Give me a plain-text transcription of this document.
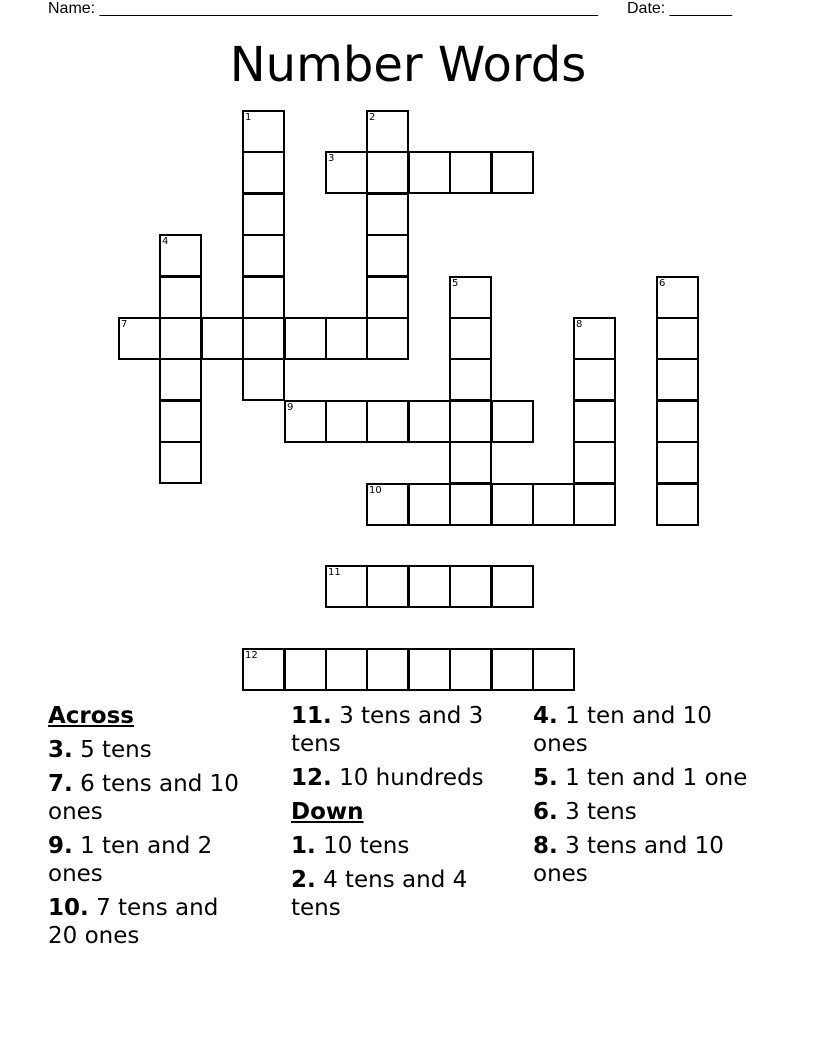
Name: ________________________________________________________ Date: _______
Number Words
1	2
3
4
5	6
7	8
9
10
11
12
Across
3. 5 tens
7. 6 tens and 10 ones
9. 1 ten and 2 ones
10. 7 tens and 20 ones
11. 3 tens and 3 tens
12. 10 hundreds
Down
1. 10 tens
2. 4 tens and 4 tens
4. 1 ten and 10 ones
5. 1 ten and 1 one
6. 3 tens
8. 3 tens and 10 ones
